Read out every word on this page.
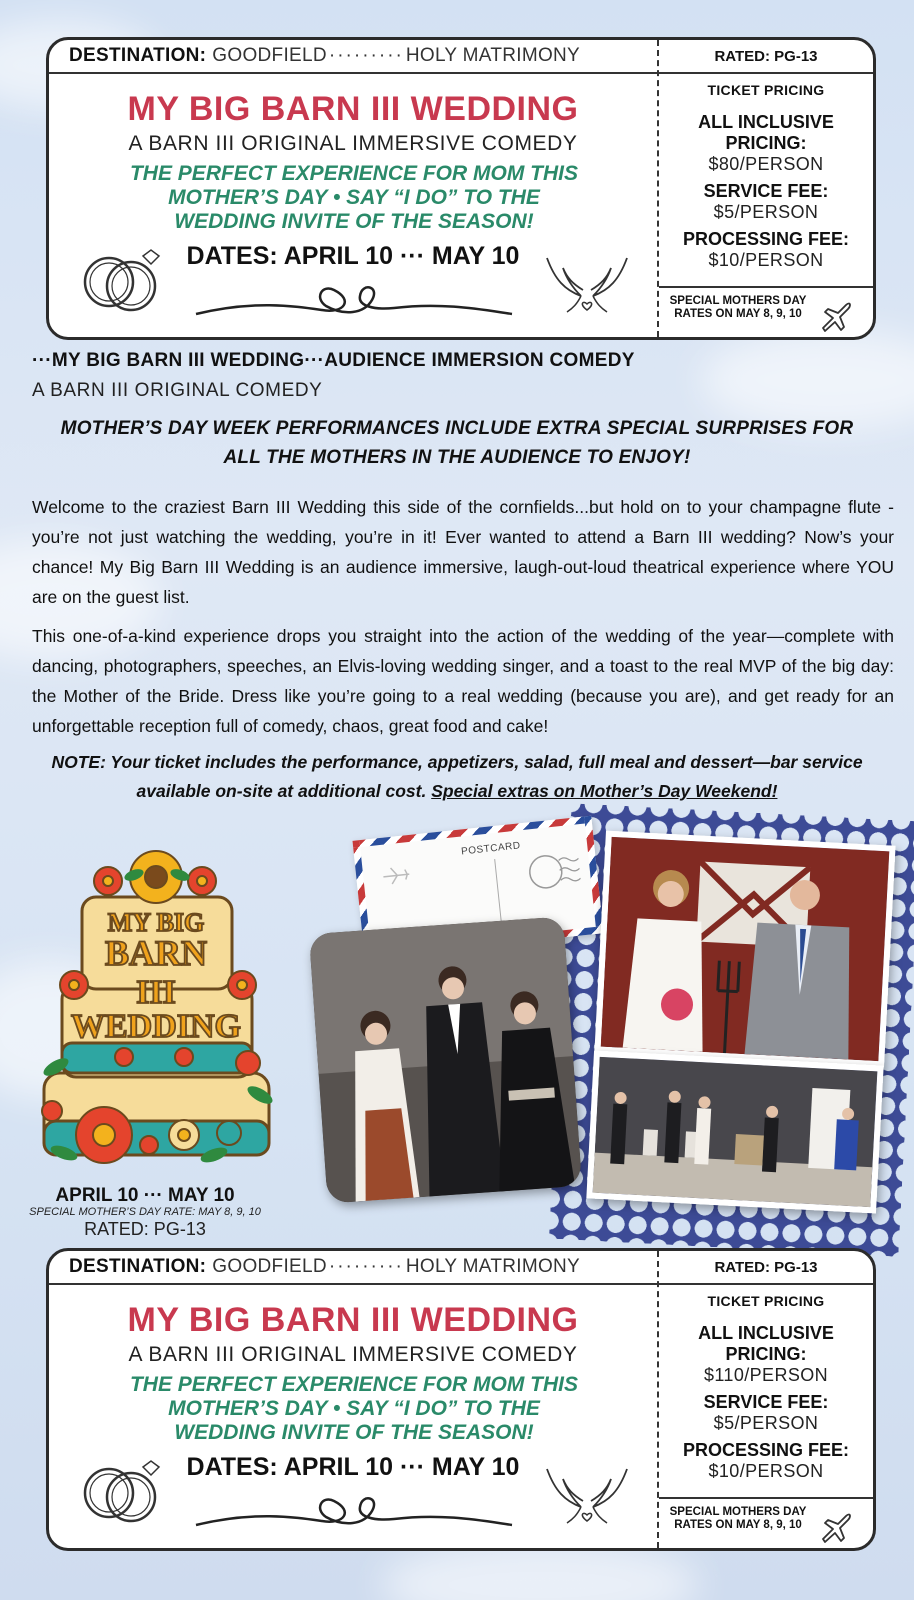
DESTINATION: GOODFIELD ········· HOLY MATRIMONY
MY BIG BARN III WEDDING
A BARN III ORIGINAL IMMERSIVE COMEDY
THE PERFECT EXPERIENCE FOR MOM THIS MOTHER’S DAY • SAY “I DO” TO THE WEDDING INVITE OF THE SEASON!
DATES: APRIL 10 ··· MAY 10
RATED: PG-13
TICKET PRICING
ALL INCLUSIVE PRICING:
$80/PERSON
SERVICE FEE:
$5/PERSON
PROCESSING FEE:
$10/PERSON
SPECIAL MOTHERS DAY RATES ON MAY 8, 9, 10
···MY BIG BARN III WEDDING···AUDIENCE IMMERSION COMEDY
A BARN III ORIGINAL COMEDY
MOTHER’S DAY WEEK PERFORMANCES INCLUDE EXTRA SPECIAL SURPRISES FOR ALL THE MOTHERS IN THE AUDIENCE TO ENJOY!
Welcome to the craziest Barn III Wedding this side of the cornfields...but hold on to your champagne flute - you’re not just watching the wedding, you’re in it! Ever wanted to attend a Barn III wedding? Now’s your chance! My Big Barn III Wedding is an audience immersive, laugh-out-loud theatrical experience where YOU are on the guest list.
This one-of-a-kind experience drops you straight into the action of the wedding of the year—complete with dancing, photographers, speeches, an Elvis-loving wedding singer, and a toast to the real MVP of the big day: the Mother of the Bride. Dress like you’re going to a real wedding (because you are), and get ready for an unforgettable reception full of comedy, chaos, great food and cake!
NOTE: Your ticket includes the performance, appetizers, salad, full meal and dessert—bar service available on-site at additional cost. Special extras on Mother’s Day Weekend!
MY BIG
BARN
III
WEDDING
APRIL 10 ··· MAY 10
SPECIAL MOTHER’S DAY RATE: MAY 8, 9, 10
RATED: PG-13
POSTCARD
DESTINATION: GOODFIELD ········· HOLY MATRIMONY
MY BIG BARN III WEDDING
A BARN III ORIGINAL IMMERSIVE COMEDY
THE PERFECT EXPERIENCE FOR MOM THIS MOTHER’S DAY • SAY “I DO” TO THE WEDDING INVITE OF THE SEASON!
DATES: APRIL 10 ··· MAY 10
RATED: PG-13
TICKET PRICING
ALL INCLUSIVE PRICING:
$110/PERSON
SERVICE FEE:
$5/PERSON
PROCESSING FEE:
$10/PERSON
SPECIAL MOTHERS DAY RATES ON MAY 8, 9, 10
